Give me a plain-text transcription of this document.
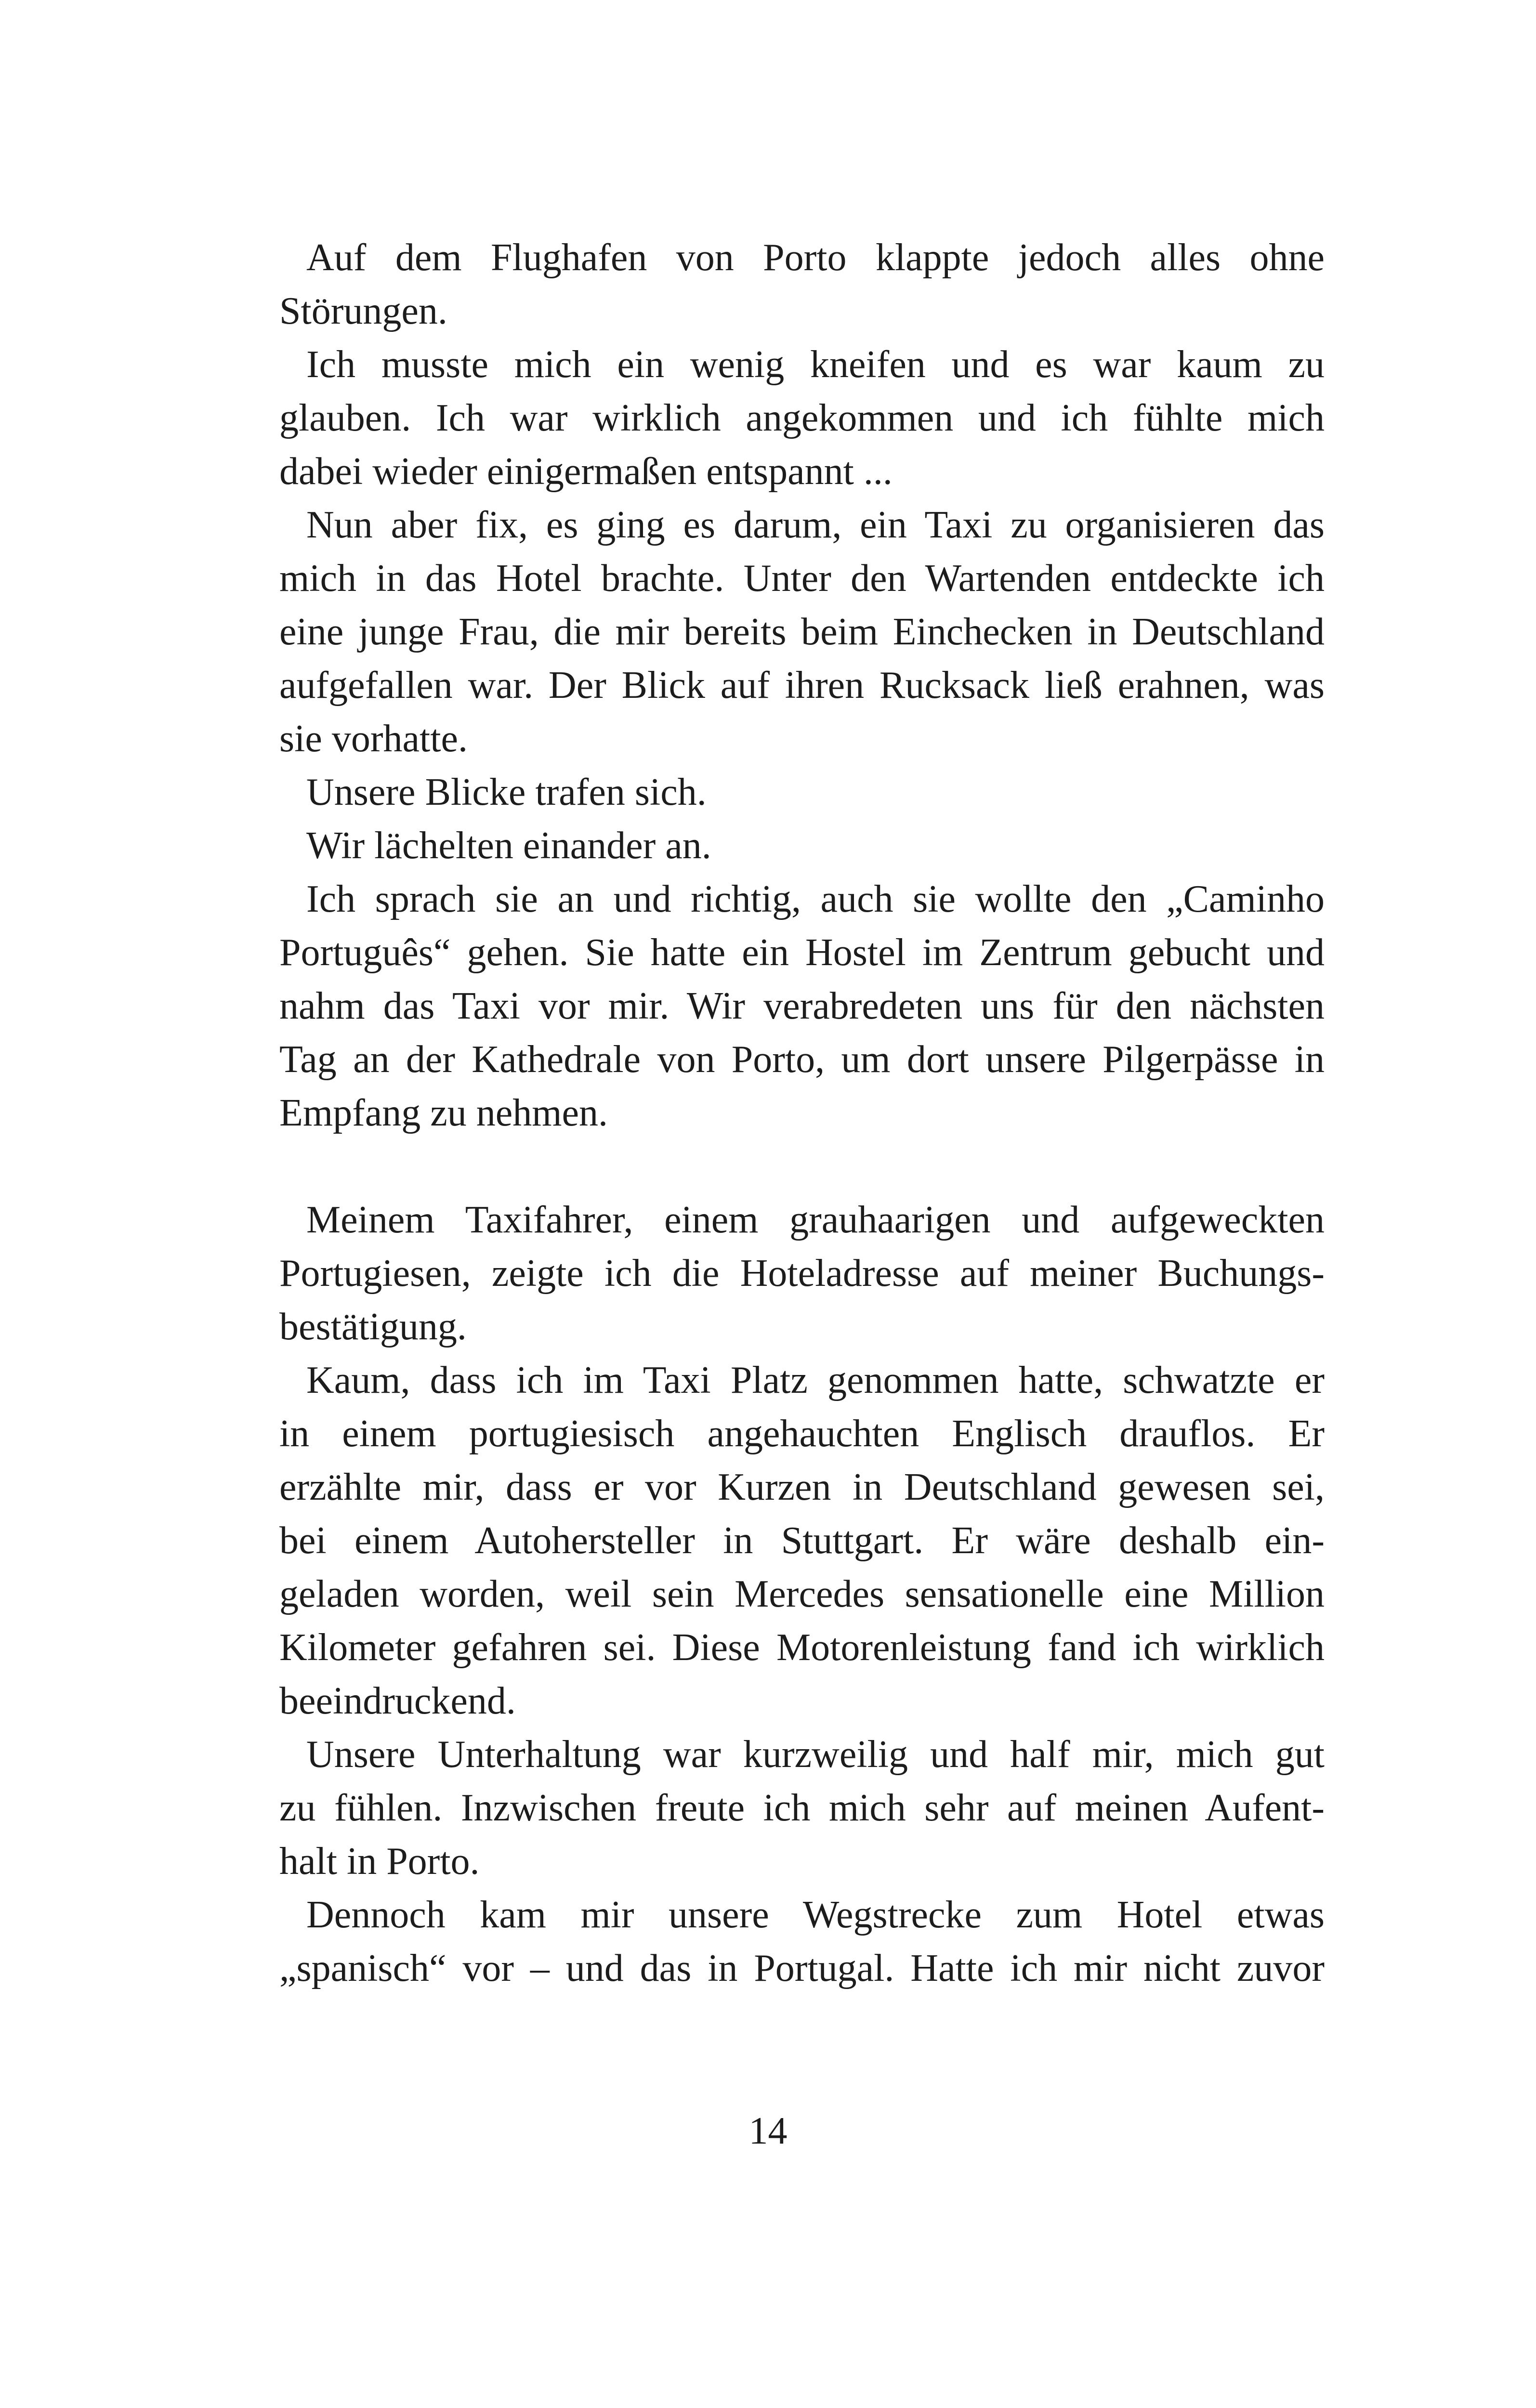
Auf dem Flughafen von Porto klappte jedoch alles ohne
Störungen.
Ich musste mich ein wenig kneifen und es war kaum zu
glauben. Ich war wirklich angekommen und ich fühlte mich
dabei wieder einigermaßen entspannt ...
Nun aber fix, es ging es darum, ein Taxi zu organisieren das
mich in das Hotel brachte. Unter den Wartenden entdeckte ich
eine junge Frau, die mir bereits beim Einchecken in Deutschland
aufgefallen war. Der Blick auf ihren Rucksack ließ erahnen, was
sie vorhatte.
Unsere Blicke trafen sich.
Wir lächelten einander an.
Ich sprach sie an und richtig, auch sie wollte den „Caminho
Português“ gehen. Sie hatte ein Hostel im Zentrum gebucht und
nahm das Taxi vor mir. Wir verabredeten uns für den nächsten
Tag an der Kathedrale von Porto, um dort unsere Pilgerpässe in
Empfang zu nehmen.
Meinem Taxifahrer, einem grauhaarigen und aufgeweckten
Portugiesen, zeigte ich die Hoteladresse auf meiner Buchungs-
bestätigung.
Kaum, dass ich im Taxi Platz genommen hatte, schwatzte er
in einem portugiesisch angehauchten Englisch drauflos. Er
erzählte mir, dass er vor Kurzen in Deutschland gewesen sei,
bei einem Autohersteller in Stuttgart. Er wäre deshalb ein-
geladen worden, weil sein Mercedes sensationelle eine Million
Kilometer gefahren sei. Diese Motorenleistung fand ich wirklich
beeindruckend.
Unsere Unterhaltung war kurzweilig und half mir, mich gut
zu fühlen. Inzwischen freute ich mich sehr auf meinen Aufent-
halt in Porto.
Dennoch kam mir unsere Wegstrecke zum Hotel etwas
„spanisch“ vor – und das in Portugal. Hatte ich mir nicht zuvor
14
